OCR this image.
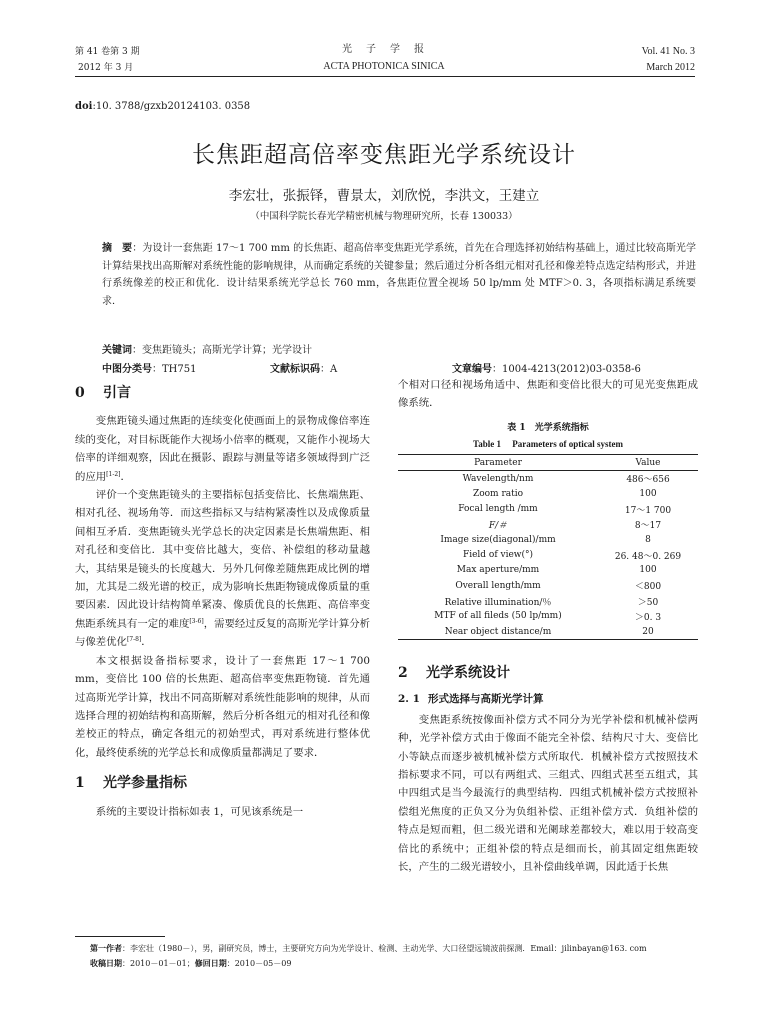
第 41 卷第 3 期
2012 年 3 月
光　子　学　报
ACTA PHOTONICA SINICA
Vol. 41 No. 3
March 2012
doi:10. 3788/gzxb20124103. 0358
长焦距超高倍率变焦距光学系统设计
李宏壮，张振铎，曹景太，刘欣悦，李洪文，王建立
（中国科学院长春光学精密机械与物理研究所，长春 130033）
摘　要：为设计一套焦距 17～1 700 mm 的长焦距、超高倍率变焦距光学系统，首先在合理选择初始结构基础上，通过比较高斯光学计算结果找出高斯解对系统性能的影响规律，从而确定系统的关键参量；然后通过分析各组元相对孔径和像差特点选定结构形式，并进行系统像差的校正和优化．设计结果系统光学总长 760 mm，各焦距位置全视场 50 lp/mm 处 MTF＞0. 3，各项指标满足系统要求．
关键词：变焦距镜头；高斯光学计算；光学设计
中图分类号：TH751	文献标识码：A	文章编号：1004-4213(2012)03-0358-6
0 引言

变焦距镜头通过焦距的连续变化使画面上的景物成像倍率连续的变化，对目标既能作大视场小倍率的概观，又能作小视场大倍率的详细观察，因此在摄影、跟踪与测量等诸多领域得到广泛的应用[1-2]．

评价一个变焦距镜头的主要指标包括变倍比、长焦端焦距、相对孔径、视场角等．而这些指标又与结构紧凑性以及成像质量间相互矛盾．变焦距镜头光学总长的决定因素是长焦端焦距、相对孔径和变倍比．其中变倍比越大，变倍、补偿组的移动量越大，其结果是镜头的长度越大．另外几何像差随焦距成比例的增加，尤其是二级光谱的校正，成为影响长焦距物镜成像质量的重要因素．因此设计结构简单紧凑、像质优良的长焦距、高倍率变焦距系统具有一定的难度[3-6]，需要经过反复的高斯光学计算分析与像差优化[7-8]．

本文根据设备指标要求，设计了一套焦距 17～1 700 mm，变倍比 100 倍的长焦距、超高倍率变焦距物镜．首先通过高斯光学计算，找出不同高斯解对系统性能影响的规律，从而选择合理的初始结构和高斯解，然后分析各组元的相对孔径和像差校正的特点，确定各组元的初始型式，再对系统进行整体优化，最终使系统的光学总长和成像质量都满足了要求．

1 光学参量指标

系统的主要设计指标如表 1，可见该系统是一

个相对口径和视场角适中、焦距和变倍比很大的可见光变焦距成像系统．

表 1　光学系统指标
Table 1　 Parameters of optical system
Parameter	Value
Wavelength/nm	486～656
Zoom ratio	100
Focal length /mm	17～1 700
F/＃	8～17
Image size(diagonal)/mm	8
Field of view(°)	26. 48～0. 269
Max aperture/mm	100
Overall length/mm	＜800
Relative illumination/％	＞50
MTF of all fileds (50 lp/mm)	＞0. 3
Near object distance/m	20
2 光学系统设计
2. 1 形式选择与高斯光学计算

变焦距系统按像面补偿方式不同分为光学补偿和机械补偿两种，光学补偿方式由于像面不能完全补偿、结构尺寸大、变倍比小等缺点而逐步被机械补偿方式所取代．机械补偿方式按照技术指标要求不同，可以有两组式、三组式、四组式甚至五组式，其中四组式是当今最流行的典型结构．四组式机械补偿方式按照补偿组光焦度的正负又分为负组补偿、正组补偿方式．负组补偿的特点是短而粗，但二级光谱和光阑球差都较大，难以用于较高变倍比的系统中；正组补偿的特点是细而长，前其固定组焦距较长，产生的二级光谱较小，且补偿曲线单调，因此适于长焦

第一作者：李宏壮（1980－），男，副研究员，博士，主要研究方向为光学设计、检测、主动光学、大口径望远镜波前探测．Email：jilinbayan@163. com
收稿日期：2010－01－01；修回日期：2010－05－09
